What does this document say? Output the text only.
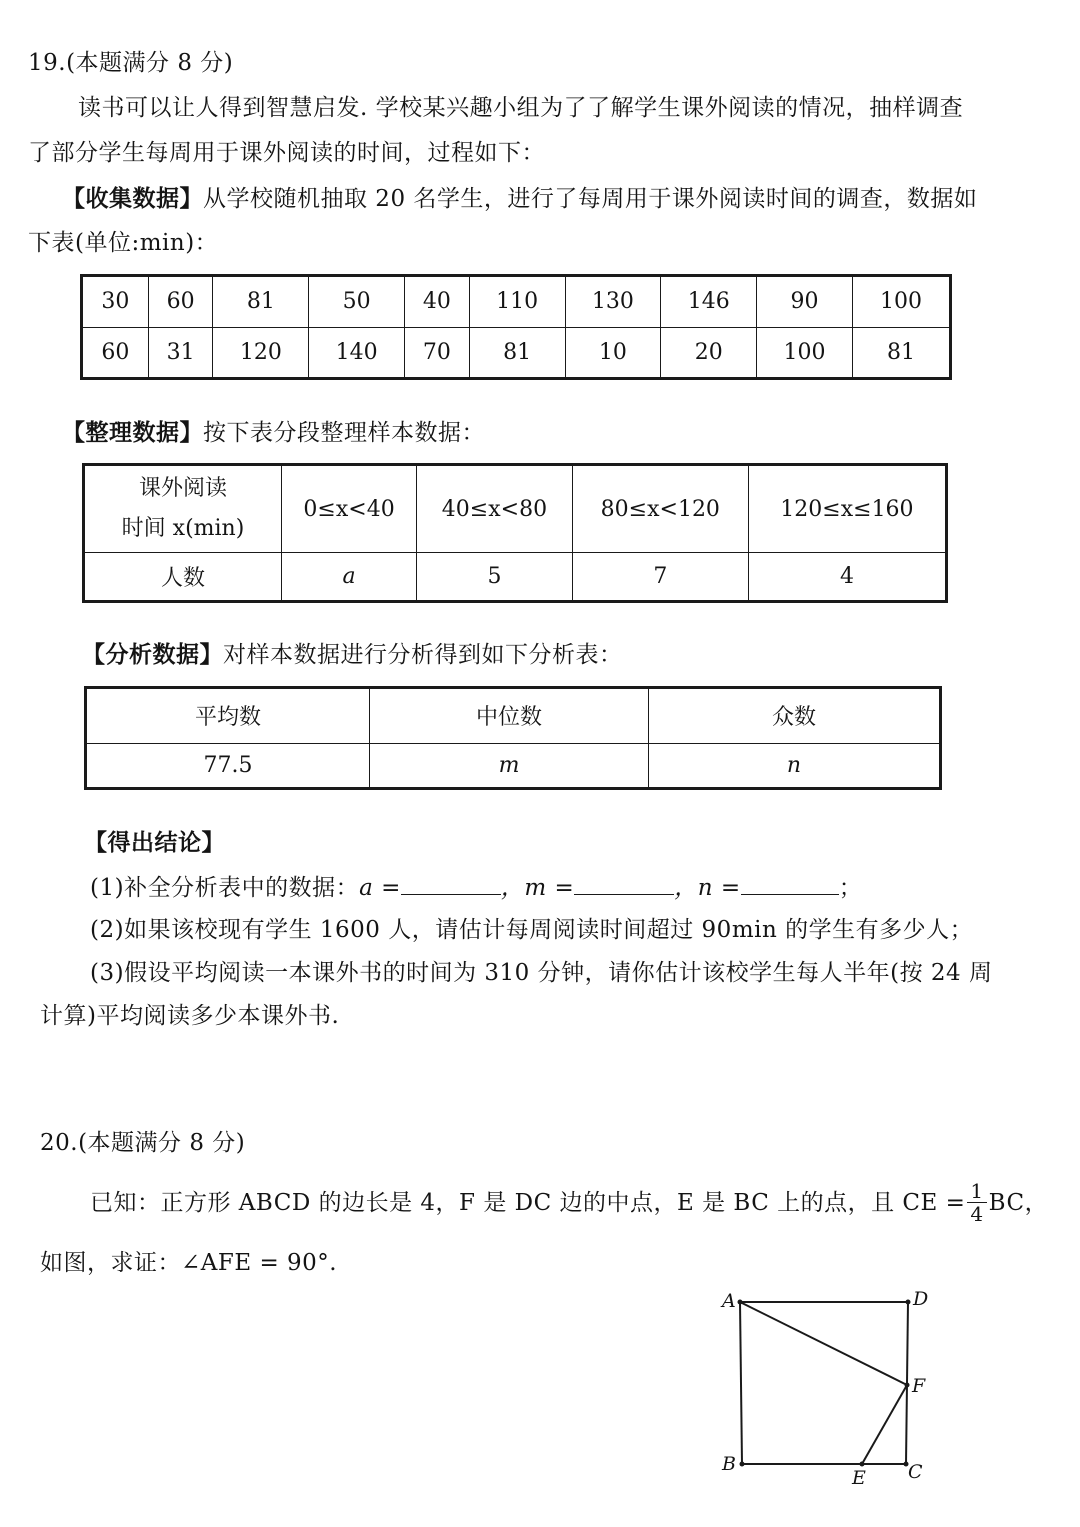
19.(本题满分 8 分)
读书可以让人得到智慧启发. 学校某兴趣小组为了了解学生课外阅读的情况，抽样调查
了部分学生每周用于课外阅读的时间，过程如下：
【收集数据】从学校随机抽取 20 名学生，进行了每周用于课外阅读时间的调查，数据如
下表(单位:min)：
30	60	81	50	40	110	130	146	90	100
60	31	120	140	70	81	10	20	100	81
【整理数据】按下表分段整理样本数据：
课外阅读
时间 x(min)	0≤x<40	40≤x<80	80≤x<120	120≤x≤160
人数	a	5	7	4
【分析数据】对样本数据进行分析得到如下分析表：
平均数	中位数	众数
77.5	m	n
【得出结论】
(1)补全分析表中的数据：a =	，m =	，n =	；
(2)如果该校现有学生 1600 人，请估计每周阅读时间超过 90min 的学生有多少人；
(3)假设平均阅读一本课外书的时间为 310 分钟，请你估计该校学生每人半年(按 24 周
计算)平均阅读多少本课外书.
20.(本题满分 8 分)
已知：正方形 ABCD 的边长是 4，F 是 DC 边的中点，E 是 BC 上的点，且 CE = $\frac{1}{4}$ BC，
如图，求证：∠AFE = 90°.
A	D
F
B	C
E
